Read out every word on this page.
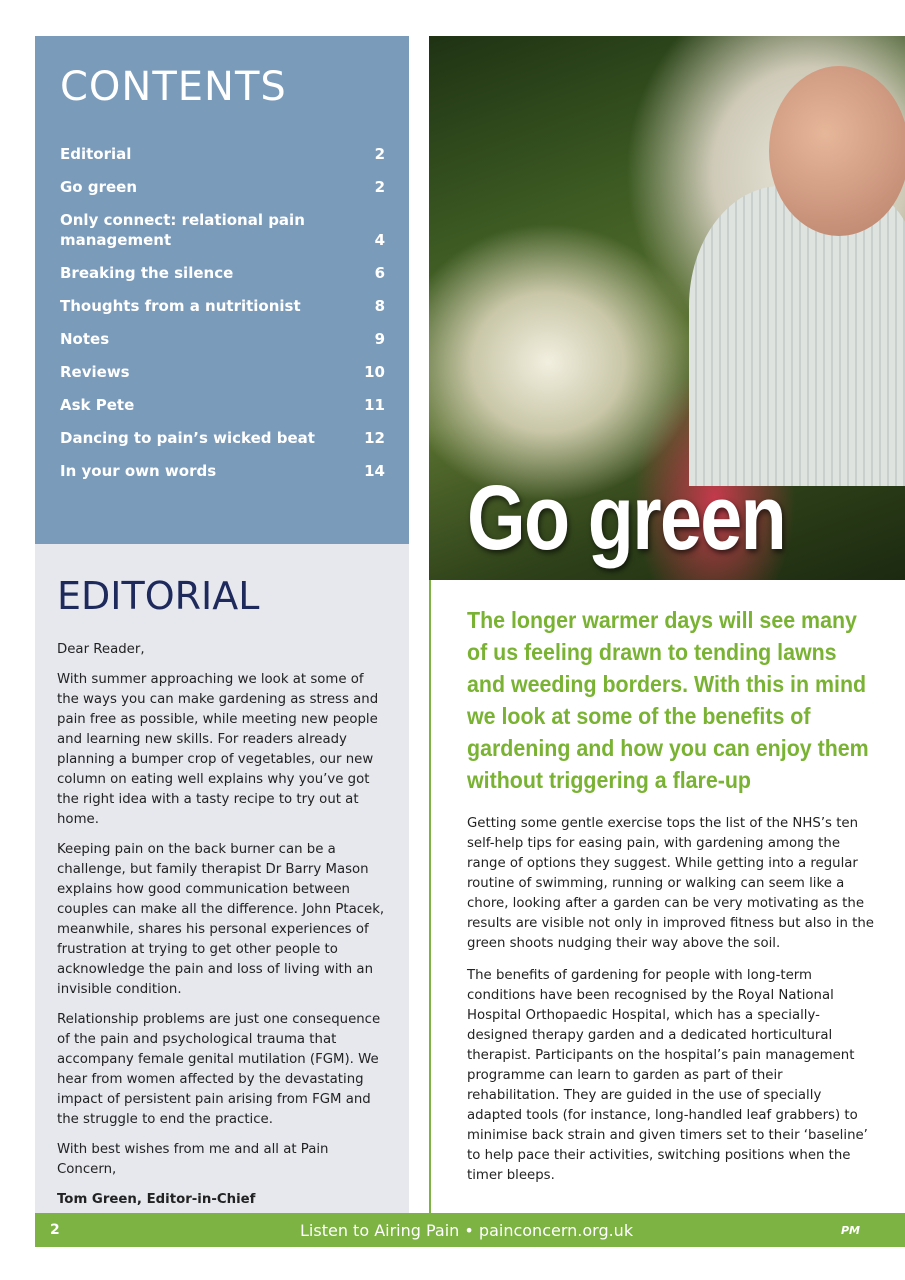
CONTENTS
Editorial	2
Go green	2
Only connect: relational pain management	4
Breaking the silence	6
Thoughts from a nutritionist	8
Notes	9
Reviews	10
Ask Pete	11
Dancing to pain’s wicked beat	12
In your own words	14
EDITORIAL

Dear Reader,

With summer approaching we look at some of the ways you can make gardening as stress and pain free as possible, while meeting new people and learning new skills. For readers already planning a bumper crop of vegetables, our new column on eating well explains why you’ve got the right idea with a tasty recipe to try out at home.

Keeping pain on the back burner can be a challenge, but family therapist Dr Barry Mason explains how good communication between couples can make all the difference. John Ptacek, meanwhile, shares his personal experiences of frustration at trying to get other people to acknowledge the pain and loss of living with an invisible condition.

Relationship problems are just one consequence of the pain and psychological trauma that accompany female genital mutilation (FGM). We hear from women affected by the devastating impact of persistent pain arising from FGM and the struggle to end the practice.

With best wishes from me and all at Pain Concern,

Tom Green, Editor-in-Chief

Go green
The longer warmer days will see many of us feeling drawn to tending lawns and weeding borders. With this in mind we look at some of the benefits of gardening and how you can enjoy them without triggering a flare-up

Getting some gentle exercise tops the list of the NHS’s ten self-help tips for easing pain, with gardening among the range of options they suggest. While getting into a regular routine of swimming, running or walking can seem like a chore, looking after a garden can be very motivating as the results are visible not only in improved fitness but also in the green shoots nudging their way above the soil.

The benefits of gardening for people with long-term conditions have been recognised by the Royal National Hospital Orthopaedic Hospital, which has a specially-designed therapy garden and a dedicated horticultural therapist. Participants on the hospital’s pain management programme can learn to garden as part of their rehabilitation. They are guided in the use of specially adapted tools (for instance, long-handled leaf grabbers) to minimise back strain and given timers set to their ‘baseline’ to help pace their activities, switching positions when the timer bleeps.

2	Listen to Airing Pain • painconcern.org.uk	PM
